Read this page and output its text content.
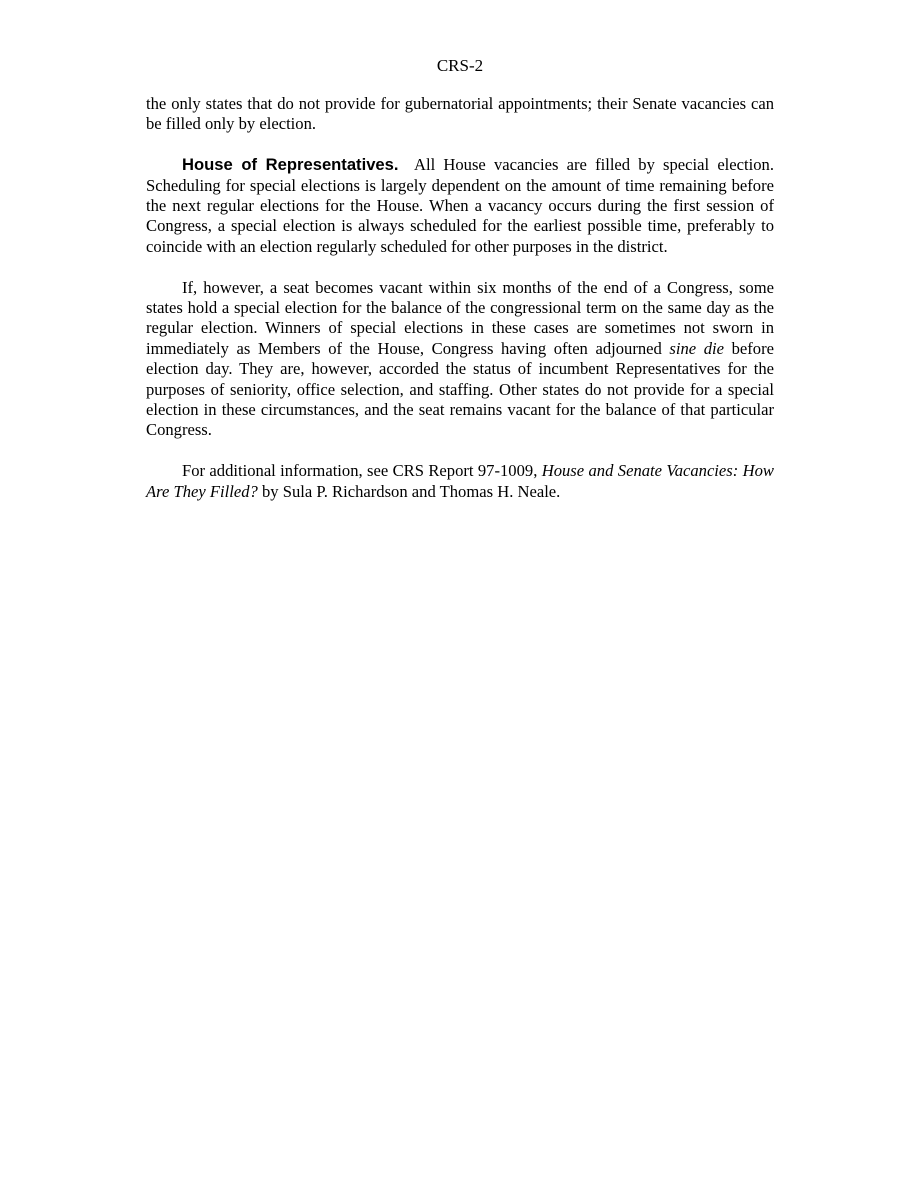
CRS-2

the only states that do not provide for gubernatorial appointments; their Senate vacancies can be filled only by election.

House of Representatives. All House vacancies are filled by special election. Scheduling for special elections is largely dependent on the amount of time remaining before the next regular elections for the House. When a vacancy occurs during the first session of Congress, a special election is always scheduled for the earliest possible time, preferably to coincide with an election regularly scheduled for other purposes in the district.

If, however, a seat becomes vacant within six months of the end of a Congress, some states hold a special election for the balance of the congressional term on the same day as the regular election. Winners of special elections in these cases are sometimes not sworn in immediately as Members of the House, Congress having often adjourned sine die before election day. They are, however, accorded the status of incumbent Representatives for the purposes of seniority, office selection, and staffing. Other states do not provide for a special election in these circumstances, and the seat remains vacant for the balance of that particular Congress.

For additional information, see CRS Report 97-1009, House and Senate Vacancies: How Are They Filled? by Sula P. Richardson and Thomas H. Neale.
